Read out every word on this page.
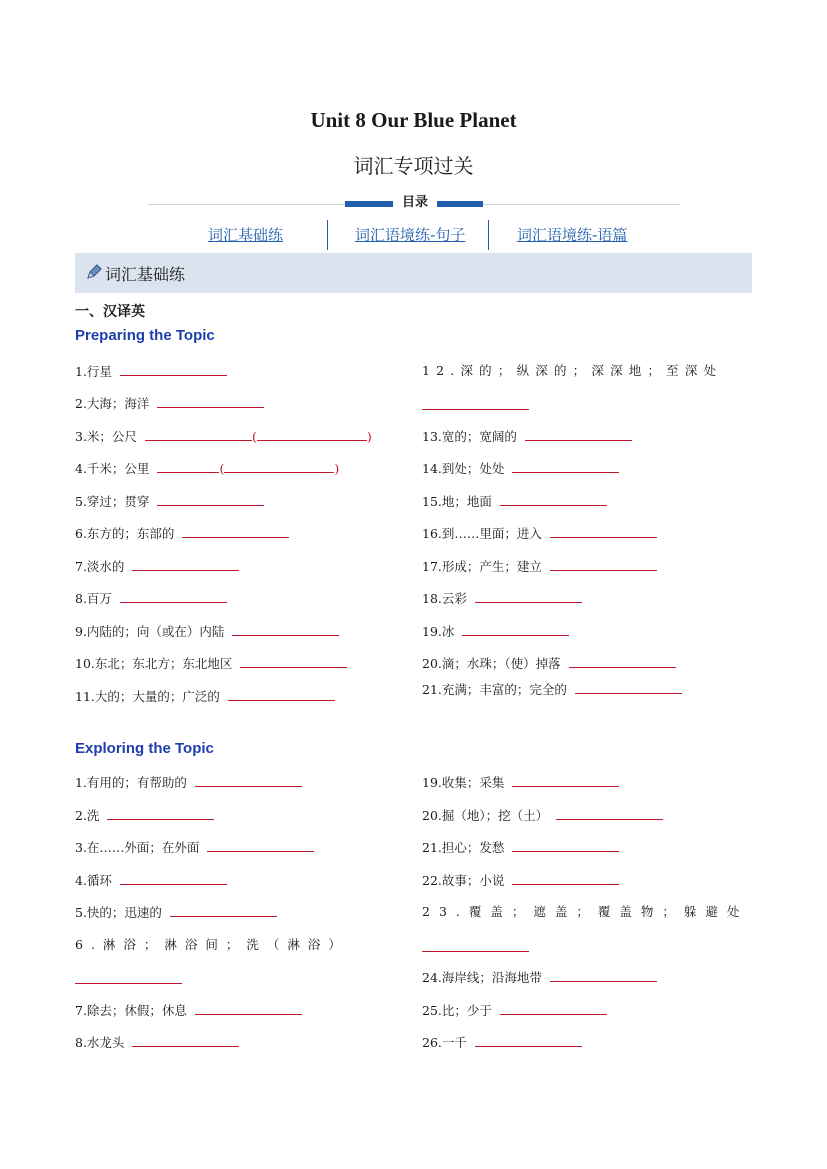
Unit 8 Our Blue Planet
词汇专项过关
目录
词汇基础练	词汇语境练-句子	词汇语境练-语篇
词汇基础练
一、汉译英
Preparing the Topic
1.行星
2.大海；海洋
3.米；公尺	(	)
4.千米；公里	(	)
5.穿过；贯穿
6.东方的；东部的
7.淡水的
8.百万
9.内陆的；向（或在）内陆
10.东北；东北方；东北地区
11.大的；大量的；广泛的
12.深的；纵深的；深深地；至深处
13.宽的；宽阔的
14.到处；处处
15.地；地面
16.到……里面；进入
17.形成；产生；建立
18.云彩
19.冰
20.滴；水珠；（使）掉落
21.充满；丰富的；完全的
Exploring the Topic
1.有用的；有帮助的
2.洗
3.在……外面；在外面
4.循环
5.快的；迅速的
6.淋浴；淋浴间；洗（淋浴）
7.除去；休假；休息
8.水龙头
19.收集；采集
20.掘（地）；挖（土）
21.担心；发愁
22.故事；小说
23.覆盖；遮盖；覆盖物；躲避处
24.海岸线；沿海地带
25.比；少于
26.一千
